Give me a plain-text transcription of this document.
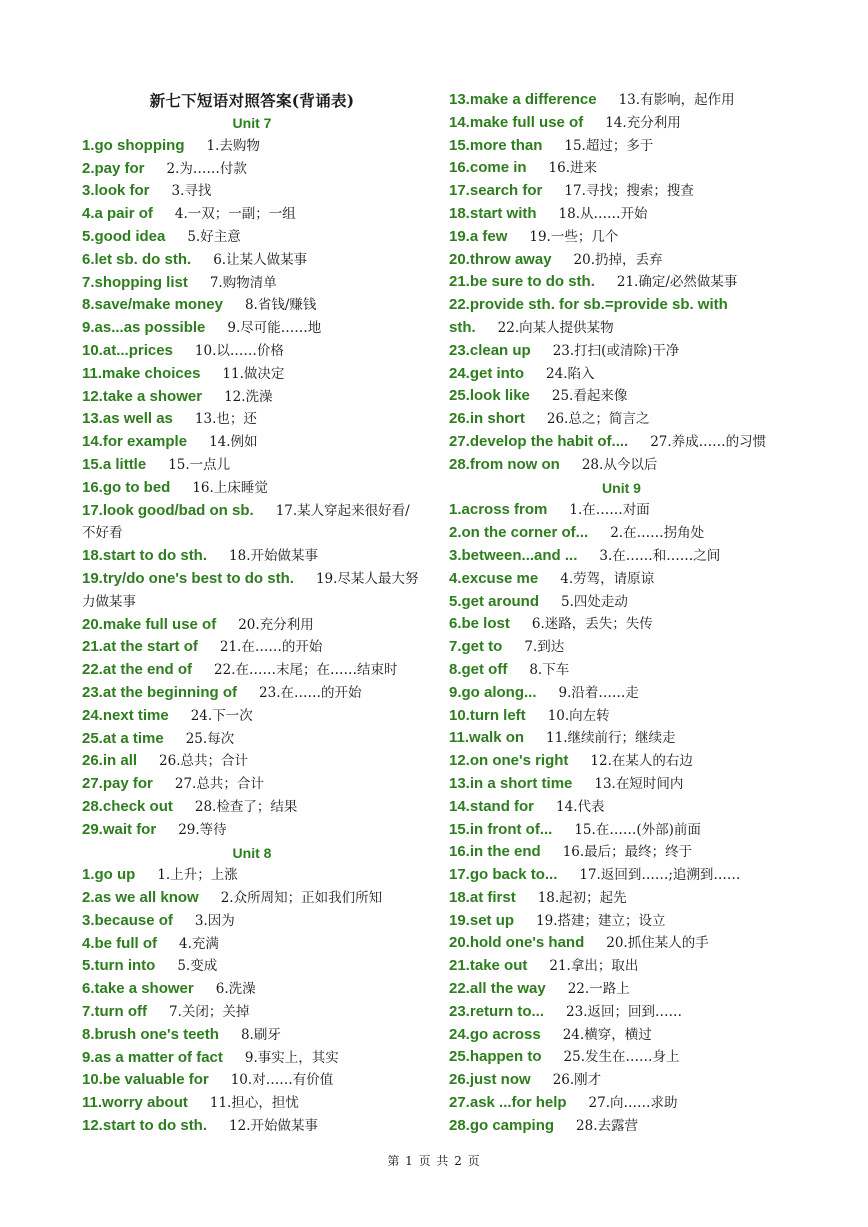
新七下短语对照答案(背诵表)
Unit 7
1.go shopping 1.去购物
2.pay for 2.为……付款
3.look for 3.寻找
4.a pair of 4.一双；一副；一组
5.good idea 5.好主意
6.let sb. do sth. 6.让某人做某事
7.shopping list 7.购物清单
8.save/make money 8.省钱/赚钱
9.as...as possible 9.尽可能……地
10.at...prices 10.以……价格
11.make choices 11.做决定
12.take a shower 12.洗澡
13.as well as 13.也；还
14.for example 14.例如
15.a little 15.一点儿
16.go to bed 16.上床睡觉
17.look good/bad on sb. 17.某人穿起来很好看/不好看
18.start to do sth. 18.开始做某事
19.try/do one's best to do sth. 19.尽某人最大努力做某事
20.make full use of 20.充分利用
21.at the start of 21.在……的开始
22.at the end of 22.在……末尾；在……结束时
23.at the beginning of 23.在……的开始
24.next time 24.下一次
25.at a time 25.每次
26.in all 26.总共；合计
27.pay for 27.总共；合计
28.check out 28.检查了；结果
29.wait for 29.等待
Unit 8
1.go up 1.上升；上涨
2.as we all know 2.众所周知；正如我们所知
3.because of 3.因为
4.be full of 4.充满
5.turn into 5.变成
6.take a shower 6.洗澡
7.turn off 7.关闭；关掉
8.brush one's teeth 8.刷牙
9.as a matter of fact 9.事实上，其实
10.be valuable for 10.对……有价值
11.worry about 11.担心，担忧
12.start to do sth. 12.开始做某事
13.make a difference 13.有影响，起作用
14.make full use of 14.充分利用
15.more than 15.超过；多于
16.come in 16.进来
17.search for 17.寻找；搜索；搜查
18.start with 18.从……开始
19.a few 19.一些；几个
20.throw away 20.扔掉，丢弃
21.be sure to do sth. 21.确定/必然做某事
22.provide sth. for sb.=provide sb. with sth. 22.向某人提供某物
23.clean up 23.打扫(或清除)干净
24.get into 24.陷入
25.look like 25.看起来像
26.in short 26.总之；简言之
27.develop the habit of.... 27.养成……的习惯
28.from now on 28.从今以后
Unit 9
1.across from 1.在……对面
2.on the corner of... 2.在……拐角处
3.between...and ... 3.在……和……之间
4.excuse me 4.劳驾，请原谅
5.get around 5.四处走动
6.be lost 6.迷路，丢失；失传
7.get to 7.到达
8.get off 8.下车
9.go along... 9.沿着……走
10.turn left 10.向左转
11.walk on 11.继续前行；继续走
12.on one's right 12.在某人的右边
13.in a short time 13.在短时间内
14.stand for 14.代表
15.in front of... 15.在……(外部)前面
16.in the end 16.最后；最终；终于
17.go back to... 17.返回到……;追溯到……
18.at first 18.起初；起先
19.set up 19.搭建；建立；设立
20.hold one's hand 20.抓住某人的手
21.take out 21.拿出；取出
22.all the way 22.一路上
23.return to... 23.返回；回到……
24.go across 24.横穿，横过
25.happen to 25.发生在……身上
26.just now 26.刚才
27.ask ...for help 27.向……求助
28.go camping 28.去露营
第 1 页 共 2 页
